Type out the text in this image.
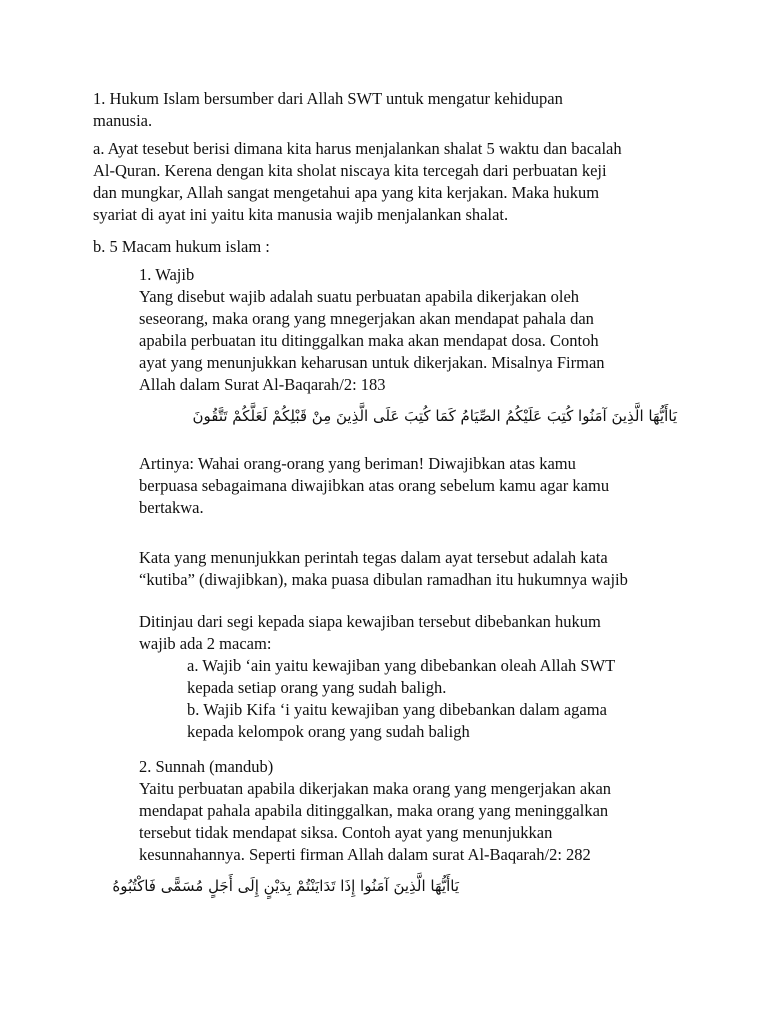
1. Hukum Islam bersumber dari Allah SWT untuk mengatur kehidupan
manusia.
a. Ayat tesebut berisi dimana kita harus menjalankan shalat 5 waktu dan bacalah
Al-Quran. Kerena dengan kita sholat niscaya kita tercegah dari perbuatan keji
dan mungkar, Allah sangat mengetahui apa yang kita kerjakan. Maka hukum
syariat di ayat ini yaitu kita manusia wajib menjalankan shalat.
b. 5 Macam hukum islam :
1. Wajib
Yang disebut wajib adalah suatu perbuatan apabila dikerjakan oleh
seseorang, maka orang yang mnegerjakan akan mendapat pahala dan
apabila perbuatan itu ditinggalkan maka akan mendapat dosa. Contoh
ayat yang menunjukkan keharusan untuk dikerjakan. Misalnya Firman
Allah dalam Surat Al-Baqarah/2: 183
يَاأَيُّهَا الَّذِينَ آمَنُوا كُتِبَ عَلَيْكُمُ الصِّيَامُ كَمَا كُتِبَ عَلَى الَّذِينَ مِنْ قَبْلِكُمْ لَعَلَّكُمْ تَتَّقُونَ
Artinya: Wahai orang-orang yang beriman! Diwajibkan atas kamu
berpuasa sebagaimana diwajibkan atas orang sebelum kamu agar kamu
bertakwa.
Kata yang menunjukkan perintah tegas dalam ayat tersebut adalah kata
“kutiba” (diwajibkan), maka puasa dibulan ramadhan itu hukumnya wajib
Ditinjau dari segi kepada siapa kewajiban tersebut dibebankan hukum
wajib ada 2 macam:
a. Wajib ‘ain yaitu kewajiban yang dibebankan oleah Allah SWT
kepada setiap orang yang sudah baligh.
b. Wajib Kifa ‘i yaitu kewajiban yang dibebankan dalam agama
kepada kelompok orang yang sudah baligh
2. Sunnah (mandub)
Yaitu perbuatan apabila dikerjakan maka orang yang mengerjakan akan
mendapat pahala apabila ditinggalkan, maka orang yang meninggalkan
tersebut tidak mendapat siksa. Contoh ayat yang menunjukkan
kesunnahannya. Seperti firman Allah dalam surat Al-Baqarah/2: 282
يَاأَيُّهَا الَّذِينَ آمَنُوا إِذَا تَدَايَنْتُمْ بِدَيْنٍ إِلَى أَجَلٍ مُسَمًّى فَاكْتُبُوهُ
